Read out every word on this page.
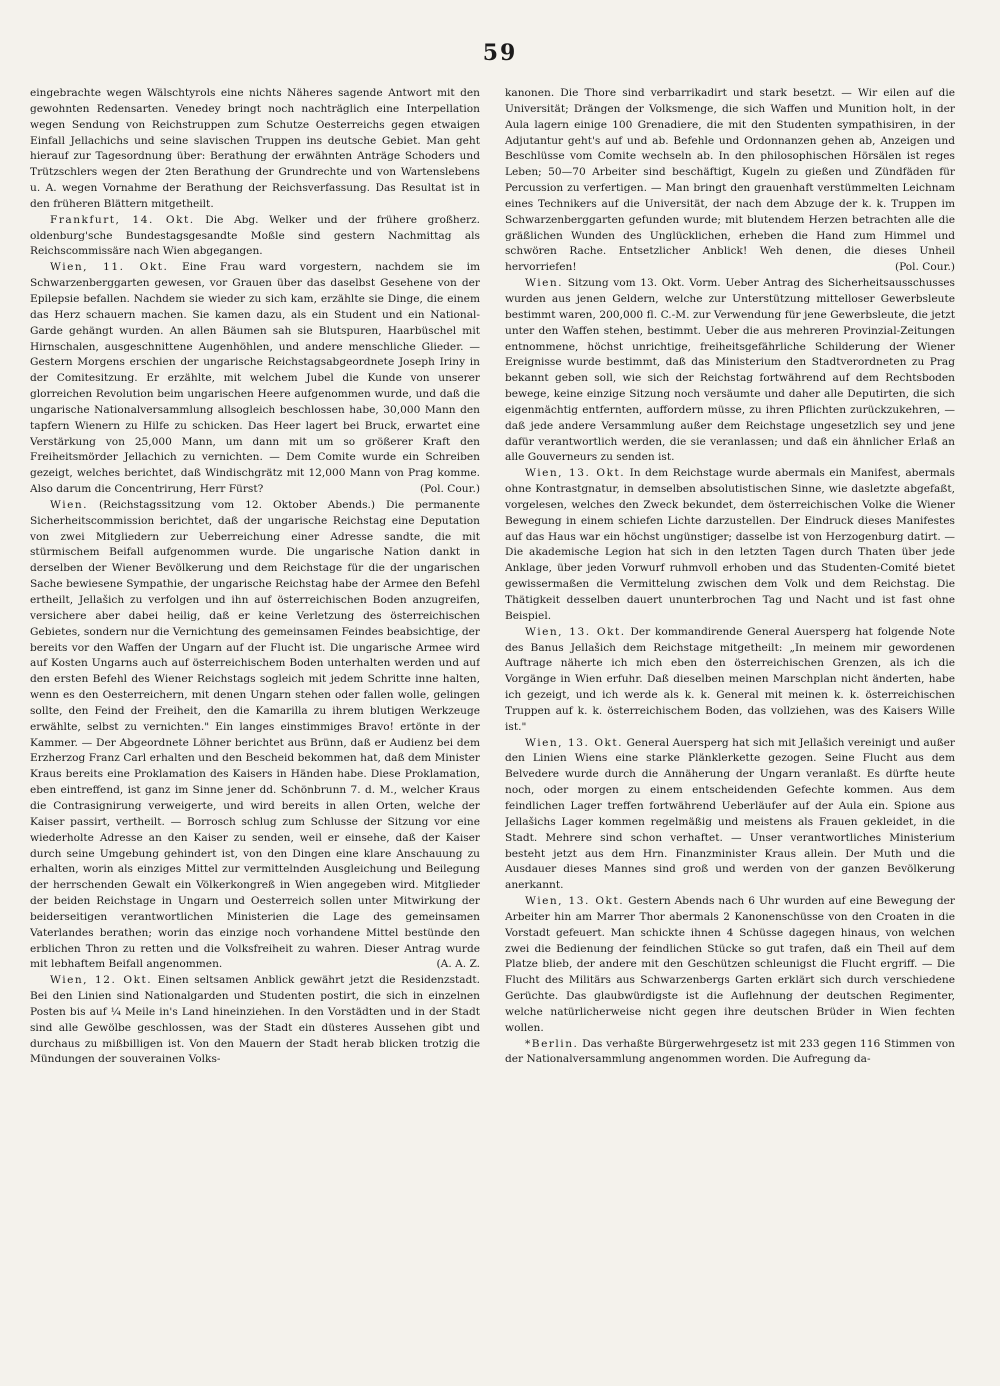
59

eingebrachte wegen Wälschtyrols eine nichts Näheres sagende Antwort mit den gewohnten Redensarten. Venedey bringt noch nachträglich eine Interpellation wegen Sendung von Reichstruppen zum Schutze Oesterreichs gegen etwaigen Einfall Jellachichs und seine slavischen Truppen ins deutsche Gebiet. Man geht hierauf zur Tagesordnung über: Berathung der erwähnten Anträge Schoders und Trützschlers wegen der 2ten Berathung der Grundrechte und von Wartenslebens u. A. wegen Vornahme der Berathung der Reichsverfassung. Das Resultat ist in den früheren Blättern mitgetheilt.

Frankfurt, 14. Okt. Die Abg. Welker und der frühere großherz. oldenburg'sche Bundestagsgesandte Moßle sind gestern Nachmittag als Reichscommissäre nach Wien abgegangen.

Wien, 11. Okt. Eine Frau ward vorgestern, nachdem sie im Schwarzenberggarten gewesen, vor Grauen über das daselbst Gesehene von der Epilepsie befallen. Nachdem sie wieder zu sich kam, erzählte sie Dinge, die einem das Herz schauern machen. Sie kamen dazu, als ein Student und ein National-Garde gehängt wurden. An allen Bäumen sah sie Blutspuren, Haarbüschel mit Hirnschalen, ausgeschnittene Augenhöhlen, und andere menschliche Glieder. — Gestern Morgens erschien der ungarische Reichstagsabgeordnete Joseph Iriny in der Comitesitzung. Er erzählte, mit welchem Jubel die Kunde von unserer glorreichen Revolution beim ungarischen Heere aufgenommen wurde, und daß die ungarische Nationalversammlung allsogleich beschlossen habe, 30,000 Mann den tapfern Wienern zu Hilfe zu schicken. Das Heer lagert bei Bruck, erwartet eine Verstärkung von 25,000 Mann, um dann mit um so größerer Kraft den Freiheitsmörder Jellachich zu vernichten. — Dem Comite wurde ein Schreiben gezeigt, welches berichtet, daß Windischgrätz mit 12,000 Mann von Prag komme. Also darum die Concentrirung, Herr Fürst?	(Pol. Cour.)

Wien. (Reichstagssitzung vom 12. Oktober Abends.) Die permanente Sicherheitscommission berichtet, daß der ungarische Reichstag eine Deputation von zwei Mitgliedern zur Ueberreichung einer Adresse sandte, die mit stürmischem Beifall aufgenommen wurde. Die ungarische Nation dankt in derselben der Wiener Bevölkerung und dem Reichstage für die der ungarischen Sache bewiesene Sympathie, der ungarische Reichstag habe der Armee den Befehl ertheilt, Jellašich zu verfolgen und ihn auf österreichischen Boden anzugreifen, versichere aber dabei heilig, daß er keine Verletzung des österreichischen Gebietes, sondern nur die Vernichtung des gemeinsamen Feindes beabsichtige, der bereits vor den Waffen der Ungarn auf der Flucht ist. Die ungarische Armee wird auf Kosten Ungarns auch auf österreichischem Boden unterhalten werden und auf den ersten Befehl des Wiener Reichstags sogleich mit jedem Schritte inne halten, wenn es den Oesterreichern, mit denen Ungarn stehen oder fallen wolle, gelingen sollte, den Feind der Freiheit, den die Kamarilla zu ihrem blutigen Werkzeuge erwählte, selbst zu vernichten." Ein langes einstimmiges Bravo! ertönte in der Kammer. — Der Abgeordnete Löhner berichtet aus Brünn, daß er Audienz bei dem Erzherzog Franz Carl erhalten und den Bescheid bekommen hat, daß dem Minister Kraus bereits eine Proklamation des Kaisers in Händen habe. Diese Proklamation, eben eintreffend, ist ganz im Sinne jener dd. Schönbrunn 7. d. M., welcher Kraus die Contrasignirung verweigerte, und wird bereits in allen Orten, welche der Kaiser passirt, vertheilt. — Borrosch schlug zum Schlusse der Sitzung vor eine wiederholte Adresse an den Kaiser zu senden, weil er einsehe, daß der Kaiser durch seine Umgebung gehindert ist, von den Dingen eine klare Anschauung zu erhalten, worin als einziges Mittel zur vermittelnden Ausgleichung und Beilegung der herrschenden Gewalt ein Völkerkongreß in Wien angegeben wird. Mitglieder der beiden Reichstage in Ungarn und Oesterreich sollen unter Mitwirkung der beiderseitigen verantwortlichen Ministerien die Lage des gemeinsamen Vaterlandes berathen; worin das einzige noch vorhandene Mittel bestünde den erblichen Thron zu retten und die Volksfreiheit zu wahren. Dieser Antrag wurde mit lebhaftem Beifall angenommen.	(A. A. Z.

Wien, 12. Okt. Einen seltsamen Anblick gewährt jetzt die Residenzstadt. Bei den Linien sind Nationalgarden und Studenten postirt, die sich in einzelnen Posten bis auf ¼ Meile in's Land hineinziehen. In den Vorstädten und in der Stadt sind alle Gewölbe geschlossen, was der Stadt ein düsteres Aussehen gibt und durchaus zu mißbilligen ist. Von den Mauern der Stadt herab blicken trotzig die Mündungen der souverainen Volks-

kanonen. Die Thore sind verbarrikadirt und stark besetzt. — Wir eilen auf die Universität; Drängen der Volksmenge, die sich Waffen und Munition holt, in der Aula lagern einige 100 Grenadiere, die mit den Studenten sympathisiren, in der Adjutantur geht's auf und ab. Befehle und Ordonnanzen gehen ab, Anzeigen und Beschlüsse vom Comite wechseln ab. In den philosophischen Hörsälen ist reges Leben; 50—70 Arbeiter sind beschäftigt, Kugeln zu gießen und Zündfäden für Percussion zu verfertigen. — Man bringt den grauenhaft verstümmelten Leichnam eines Technikers auf die Universität, der nach dem Abzuge der k. k. Truppen im Schwarzenberggarten gefunden wurde; mit blutendem Herzen betrachten alle die gräßlichen Wunden des Unglücklichen, erheben die Hand zum Himmel und schwören Rache. Entsetzlicher Anblick! Weh denen, die dieses Unheil hervorriefen!	(Pol. Cour.)

Wien. Sitzung vom 13. Okt. Vorm. Ueber Antrag des Sicherheitsausschusses wurden aus jenen Geldern, welche zur Unterstützung mittelloser Gewerbsleute bestimmt waren, 200,000 fl. C.-M. zur Verwendung für jene Gewerbsleute, die jetzt unter den Waffen stehen, bestimmt. Ueber die aus mehreren Provinzial-Zeitungen entnommene, höchst unrichtige, freiheitsgefährliche Schilderung der Wiener Ereignisse wurde bestimmt, daß das Ministerium den Stadtverordneten zu Prag bekannt geben soll, wie sich der Reichstag fortwährend auf dem Rechtsboden bewege, keine einzige Sitzung noch versäumte und daher alle Deputirten, die sich eigenmächtig entfernten, auffordern müsse, zu ihren Pflichten zurückzukehren, — daß jede andere Versammlung außer dem Reichstage ungesetzlich sey und jene dafür verantwortlich werden, die sie veranlassen; und daß ein ähnlicher Erlaß an alle Gouverneurs zu senden ist.

Wien, 13. Okt. In dem Reichstage wurde abermals ein Manifest, abermals ohne Kontrastgnatur, in demselben absolutistischen Sinne, wie dasletzte abgefaßt, vorgelesen, welches den Zweck bekundet, dem österreichischen Volke die Wiener Bewegung in einem schiefen Lichte darzustellen. Der Eindruck dieses Manifestes auf das Haus war ein höchst ungünstiger; dasselbe ist von Herzogenburg datirt. — Die akademische Legion hat sich in den letzten Tagen durch Thaten über jede Anklage, über jeden Vorwurf ruhmvoll erhoben und das Studenten-Comité bietet gewissermaßen die Vermittelung zwischen dem Volk und dem Reichstag. Die Thätigkeit desselben dauert ununterbrochen Tag und Nacht und ist fast ohne Beispiel.

Wien, 13. Okt. Der kommandirende General Auersperg hat folgende Note des Banus Jellašich dem Reichstage mitgetheilt: „In meinem mir gewordenen Auftrage näherte ich mich eben den österreichischen Grenzen, als ich die Vorgänge in Wien erfuhr. Daß dieselben meinen Marschplan nicht änderten, habe ich gezeigt, und ich werde als k. k. General mit meinen k. k. österreichischen Truppen auf k. k. österreichischem Boden, das vollziehen, was des Kaisers Wille ist."

Wien, 13. Okt. General Auersperg hat sich mit Jellašich vereinigt und außer den Linien Wiens eine starke Plänklerkette gezogen. Seine Flucht aus dem Belvedere wurde durch die Annäherung der Ungarn veranlaßt. Es dürfte heute noch, oder morgen zu einem entscheidenden Gefechte kommen. Aus dem feindlichen Lager treffen fortwährend Ueberläufer auf der Aula ein. Spione aus Jellašichs Lager kommen regelmäßig und meistens als Frauen gekleidet, in die Stadt. Mehrere sind schon verhaftet. — Unser verantwortliches Ministerium besteht jetzt aus dem Hrn. Finanzminister Kraus allein. Der Muth und die Ausdauer dieses Mannes sind groß und werden von der ganzen Bevölkerung anerkannt.

Wien, 13. Okt. Gestern Abends nach 6 Uhr wurden auf eine Bewegung der Arbeiter hin am Marrer Thor abermals 2 Kanonenschüsse von den Croaten in die Vorstadt gefeuert. Man schickte ihnen 4 Schüsse dagegen hinaus, von welchen zwei die Bedienung der feindlichen Stücke so gut trafen, daß ein Theil auf dem Platze blieb, der andere mit den Geschützen schleunigst die Flucht ergriff. — Die Flucht des Militärs aus Schwarzenbergs Garten erklärt sich durch verschiedene Gerüchte. Das glaubwürdigste ist die Auflehnung der deutschen Regimenter, welche natürlicherweise nicht gegen ihre deutschen Brüder in Wien fechten wollen.

*Berlin. Das verhaßte Bürgerwehrgesetz ist mit 233 gegen 116 Stimmen von der Nationalversammlung angenommen worden. Die Aufregung da-
